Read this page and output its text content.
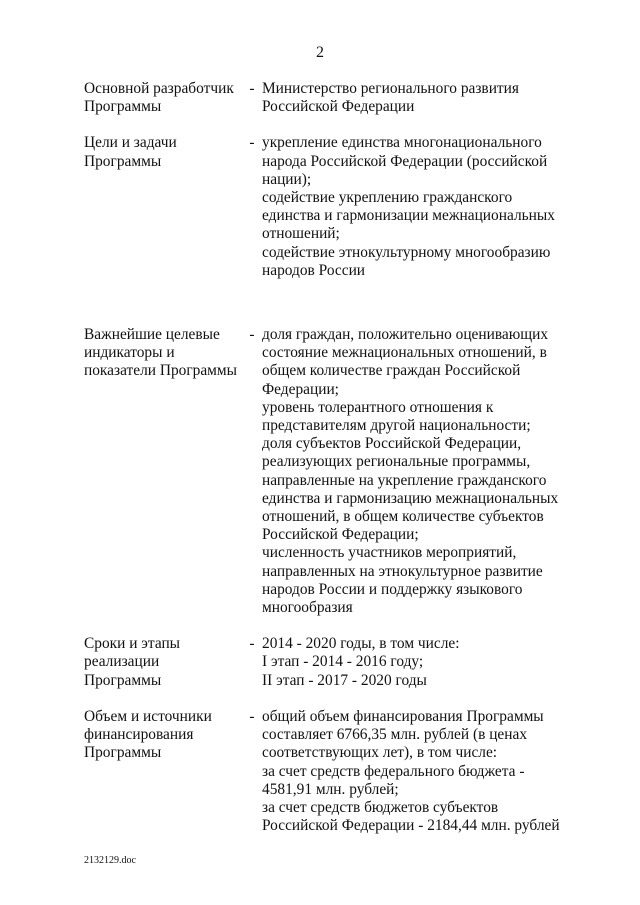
2
Основной разработчик
Программы
- Министерство регионального развития
Российской Федерации
Цели и задачи
Программы
- укрепление единства многонационального
народа Российской Федерации (российской
нации);
содействие укреплению гражданского
единства и гармонизации межнациональных
отношений;
содействие этнокультурному многообразию
народов России
Важнейшие целевые
индикаторы и
показатели Программы
- доля граждан, положительно оценивающих
состояние межнациональных отношений, в
общем количестве граждан Российской
Федерации;
уровень толерантного отношения к
представителям другой национальности;
доля субъектов Российской Федерации,
реализующих региональные программы,
направленные на укрепление гражданского
единства и гармонизацию межнациональных
отношений, в общем количестве субъектов
Российской Федерации;
численность участников мероприятий,
направленных на этнокультурное развитие
народов России и поддержку языкового
многообразия
Сроки и этапы
реализации
Программы
- 2014 - 2020 годы, в том числе:
I этап - 2014 - 2016 году;
II этап - 2017 - 2020 годы
Объем и источники
финансирования
Программы
- общий объем финансирования Программы
составляет 6766,35 млн. рублей (в ценах
соответствующих лет), в том числе:
за счет средств федерального бюджета -
4581,91 млн. рублей;
за счет средств бюджетов субъектов
Российской Федерации - 2184,44 млн. рублей
2132129.doc
